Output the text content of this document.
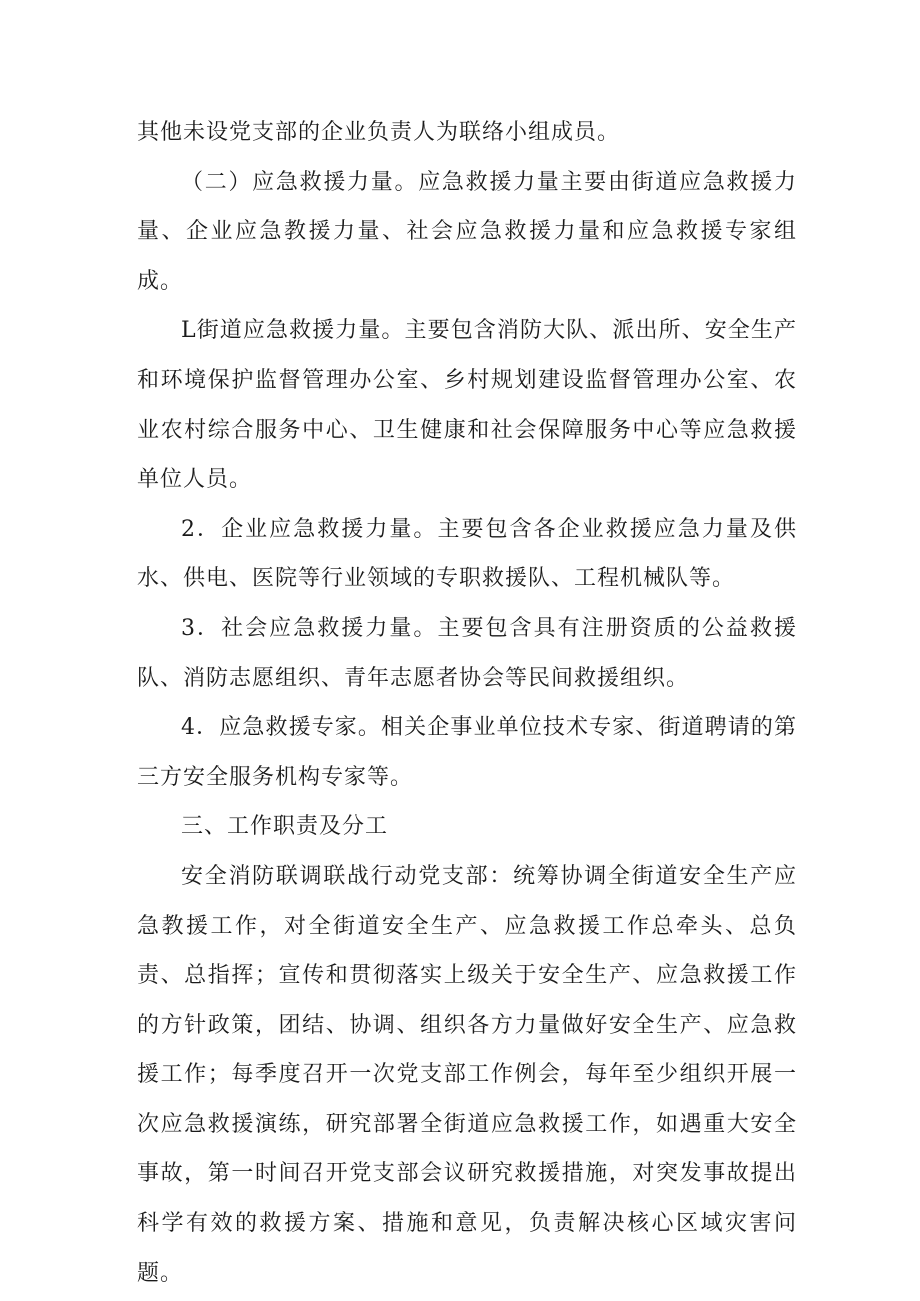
其他未设党支部的企业负责人为联络小组成员。

（二）应急救援力量。应急救援力量主要由街道应急救援力量、企业应急教援力量、社会应急救援力量和应急救援专家组成。

L街道应急救援力量。主要包含消防大队、派出所、安全生产和环境保护监督管理办公室、乡村规划建设监督管理办公室、农业农村综合服务中心、卫生健康和社会保障服务中心等应急救援单位人员。

2．企业应急救援力量。主要包含各企业救援应急力量及供水、供电、医院等行业领域的专职救援队、工程机械队等。

3．社会应急救援力量。主要包含具有注册资质的公益救援队、消防志愿组织、青年志愿者协会等民间救援组织。

4．应急救援专家。相关企事业单位技术专家、街道聘请的第三方安全服务机构专家等。

三、工作职责及分工

安全消防联调联战行动党支部：统筹协调全街道安全生产应急教援工作，对全街道安全生产、应急救援工作总牵头、总负责、总指挥；宣传和贯彻落实上级关于安全生产、应急救援工作的方针政策，团结、协调、组织各方力量做好安全生产、应急救援工作；每季度召开一次党支部工作例会，每年至少组织开展一次应急救援演练，研究部署全街道应急救援工作，如遇重大安全事故，第一时间召开党支部会议研究救援措施，对突发事故提出科学有效的救援方案、措施和意见，负责解决核心区域灾害问题。
